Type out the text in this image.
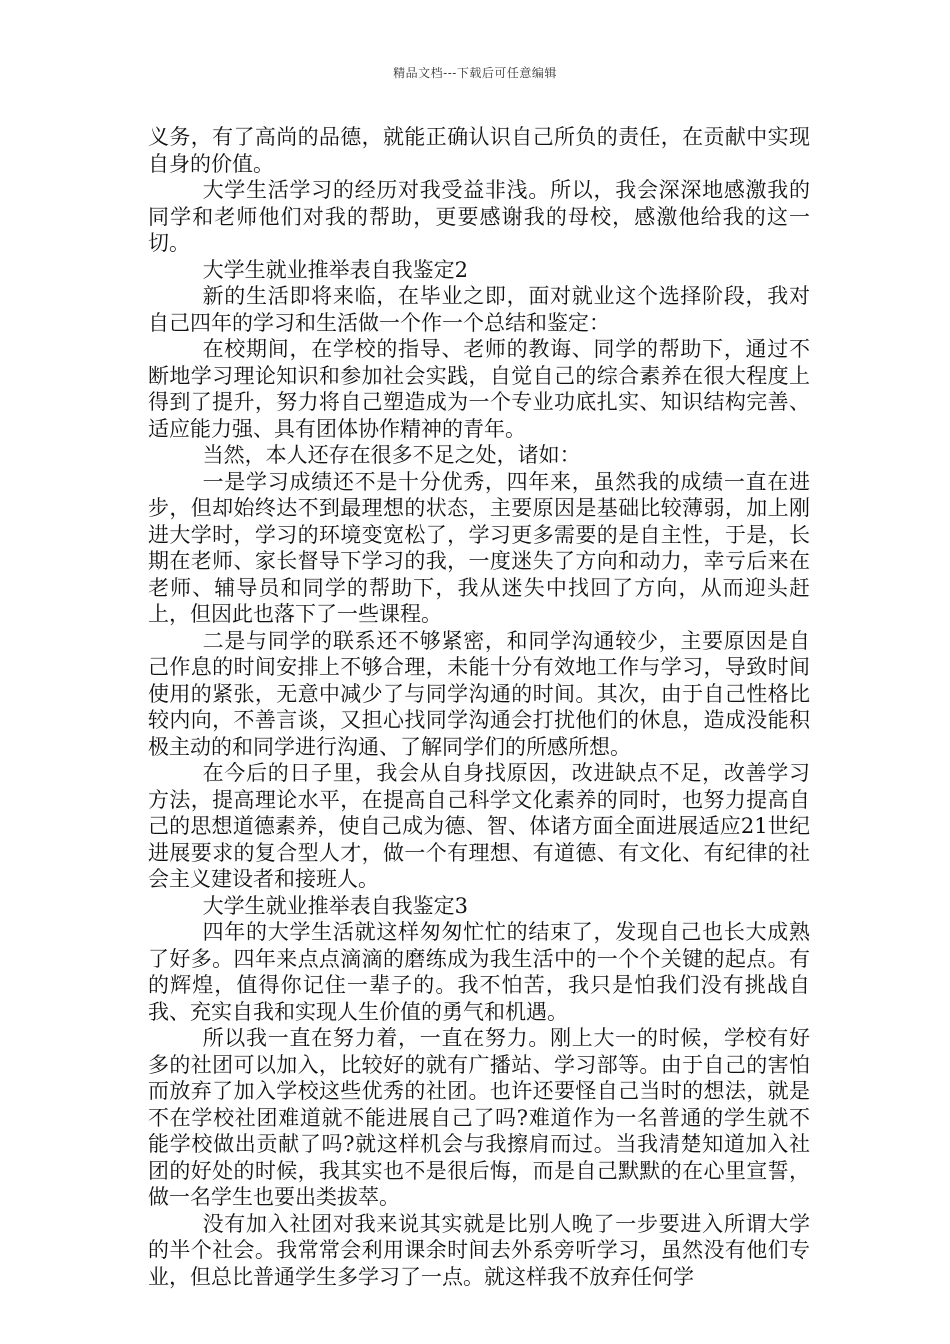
精品文档---下载后可任意编辑

义务，有了高尚的品德，就能正确认识自己所负的责任，在贡献中实现自身的价值。

大学生活学习的经历对我受益非浅。所以，我会深深地感激我的同学和老师他们对我的帮助，更要感谢我的母校，感激他给我的这一切。

大学生就业推举表自我鉴定2

新的生活即将来临，在毕业之即，面对就业这个选择阶段，我对自己四年的学习和生活做一个作一个总结和鉴定：

在校期间，在学校的指导、老师的教诲、同学的帮助下，通过不断地学习理论知识和参加社会实践，自觉自己的综合素养在很大程度上得到了提升，努力将自己塑造成为一个专业功底扎实、知识结构完善、适应能力强、具有团体协作精神的青年。

当然，本人还存在很多不足之处，诸如：

一是学习成绩还不是十分优秀，四年来，虽然我的成绩一直在进步，但却始终达不到最理想的状态，主要原因是基础比较薄弱，加上刚进大学时，学习的环境变宽松了，学习更多需要的是自主性，于是，长期在老师、家长督导下学习的我，一度迷失了方向和动力，幸亏后来在老师、辅导员和同学的帮助下，我从迷失中找回了方向，从而迎头赶上，但因此也落下了一些课程。

二是与同学的联系还不够紧密，和同学沟通较少，主要原因是自己作息的时间安排上不够合理，未能十分有效地工作与学习，导致时间使用的紧张，无意中减少了与同学沟通的时间。其次，由于自己性格比较内向，不善言谈，又担心找同学沟通会打扰他们的休息，造成没能积极主动的和同学进行沟通、了解同学们的所感所想。

在今后的日子里，我会从自身找原因，改进缺点不足，改善学习方法，提高理论水平，在提高自己科学文化素养的同时，也努力提高自己的思想道德素养，使自己成为德、智、体诸方面全面进展适应21世纪进展要求的复合型人才，做一个有理想、有道德、有文化、有纪律的社会主义建设者和接班人。

大学生就业推举表自我鉴定3

四年的大学生活就这样匆匆忙忙的结束了，发现自己也长大成熟了好多。四年来点点滴滴的磨练成为我生活中的一个个关键的起点。有的辉煌，值得你记住一辈子的。我不怕苦，我只是怕我们没有挑战自我、充实自我和实现人生价值的勇气和机遇。

所以我一直在努力着，一直在努力。刚上大一的时候，学校有好多的社团可以加入，比较好的就有广播站、学习部等。由于自己的害怕而放弃了加入学校这些优秀的社团。也许还要怪自己当时的想法，就是不在学校社团难道就不能进展自己了吗?难道作为一名普通的学生就不能学校做出贡献了吗?就这样机会与我擦肩而过。当我清楚知道加入社团的好处的时候，我其实也不是很后悔，而是自己默默的在心里宣誓，做一名学生也要出类拔萃。

没有加入社团对我来说其实就是比别人晚了一步要进入所谓大学的半个社会。我常常会利用课余时间去外系旁听学习，虽然没有他们专业，但总比普通学生多学习了一点。就这样我不放弃任何学
